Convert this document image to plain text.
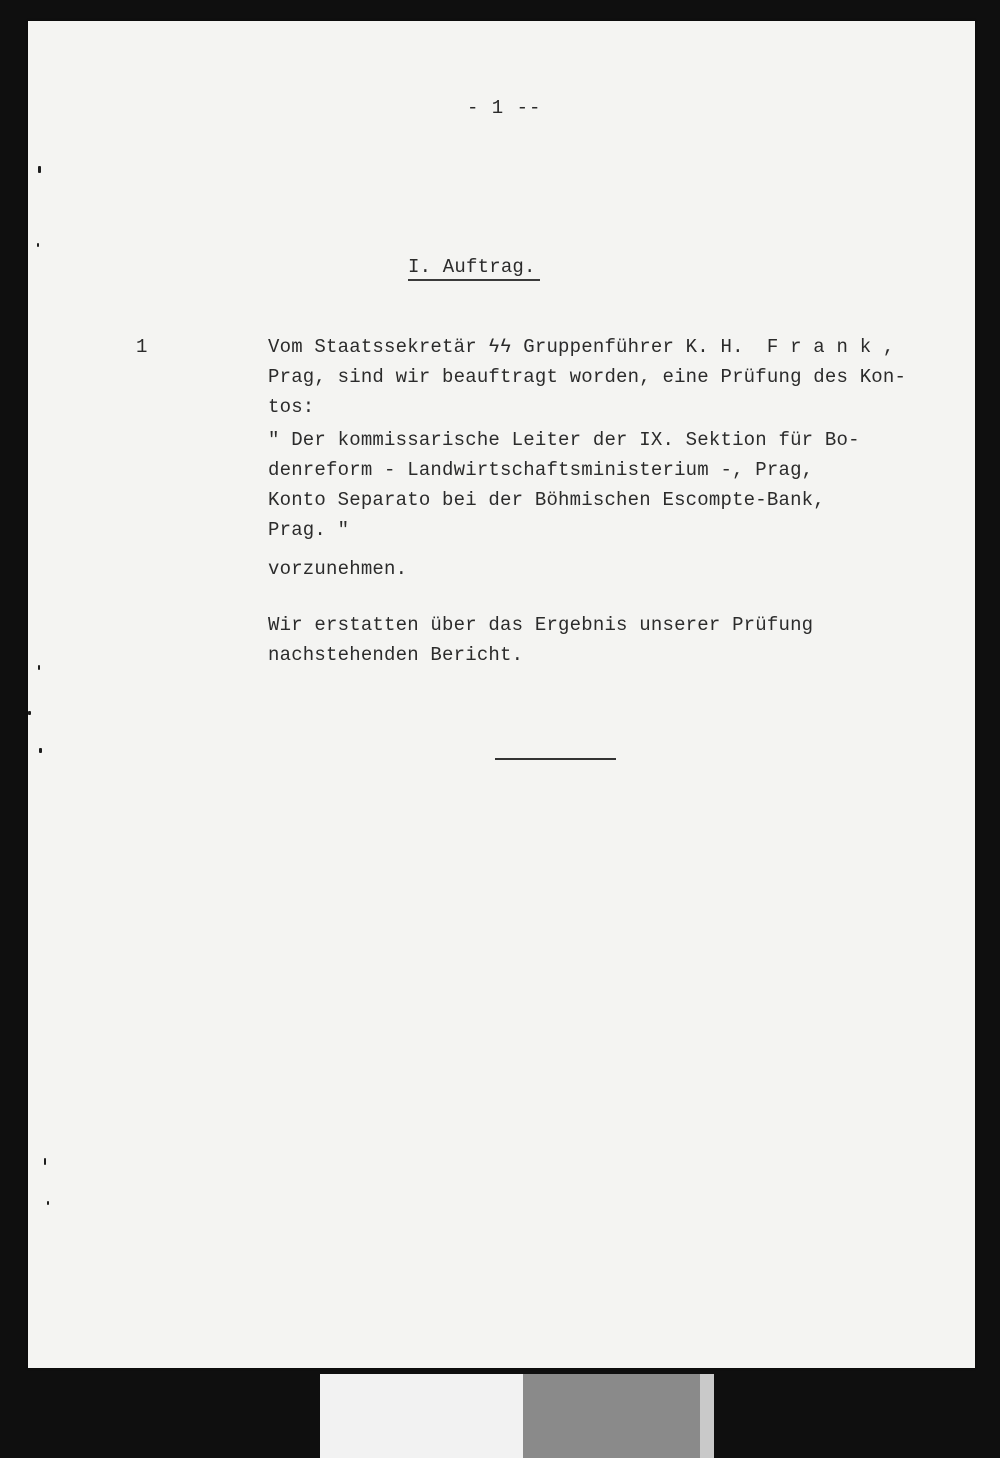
- 1 --
I. Auftrag.
1	Vom Staatssekretär ϟϟ Gruppenführer K. H.  F r a n k ,
Prag, sind wir beauftragt worden, eine Prüfung des Kon-
tos:
" Der kommissarische Leiter der IX. Sektion für Bo-
denreform - Landwirtschaftsministerium -, Prag,
Konto Separato bei der Böhmischen Escompte-Bank,
Prag. "
vorzunehmen.
Wir erstatten über das Ergebnis unserer Prüfung
nachstehenden Bericht.
